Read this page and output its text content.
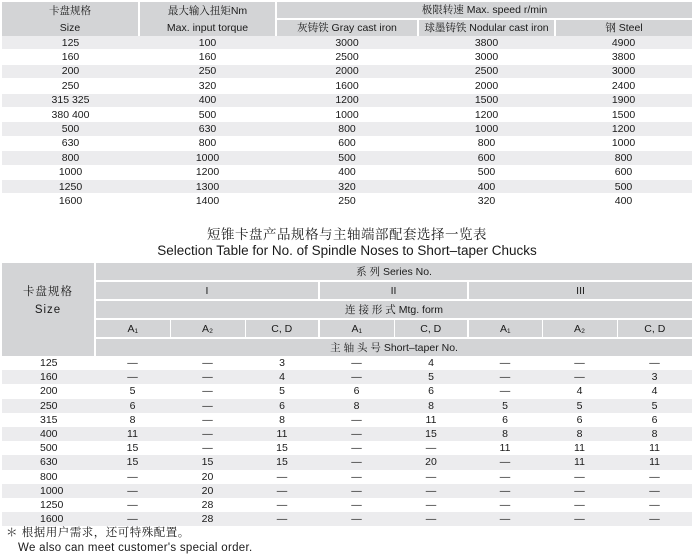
卡盘规格	最大输入扭矩Nm	极限转速 Max. speed r/min		
Size	Max. input torque	灰铸铁 Gray cast iron	球墨铸铁 Nodular cast iron	钢 Steel
125	100	3000	3800	4900
160	160	2500	3000	3800
200	250	2000	2500	3000
250	320	1600	2000	2400
315 325	400	1200	1500	1900
380 400	500	1000	1200	1500
500	630	800	1000	1200
630	800	600	800	1000
800	1000	500	600	800
1000	1200	400	500	600
1250	1300	320	400	500
1600	1400	250	320	400
短锥卡盘产品规格与主轴端部配套选择一览表
Selection Table for No. of Spindle Noses to Short–taper Chucks
卡盘规格
Size	系 列 Series No.							
	I			II		III		
	连 接 形 式 Mtg. form							
	A₁	A₂	C, D	A₁	C, D	A₁	A₂	C, D
	主 轴 头 号 Short–taper No.							
125	—	—	3	—	4	—	—	—
160	—	—	4	—	5	—	—	3
200	5	—	5	6	6	—	4	4
250	6	—	6	8	8	5	5	5
315	8	—	8	—	11	6	6	6
400	11	—	11	—	15	8	8	8
500	15	—	15	—	—	11	11	11
630	15	15	15	—	20	—	11	11
800	—	20	—	—	—	—	—	—
1000	—	20	—	—	—	—	—	—
1250	—	28	—	—	—	—	—	—
1600	—	28	—	—	—	—	—	—
＊ 根据用户需求，还可特殊配置。
We also can meet customer's special order.
